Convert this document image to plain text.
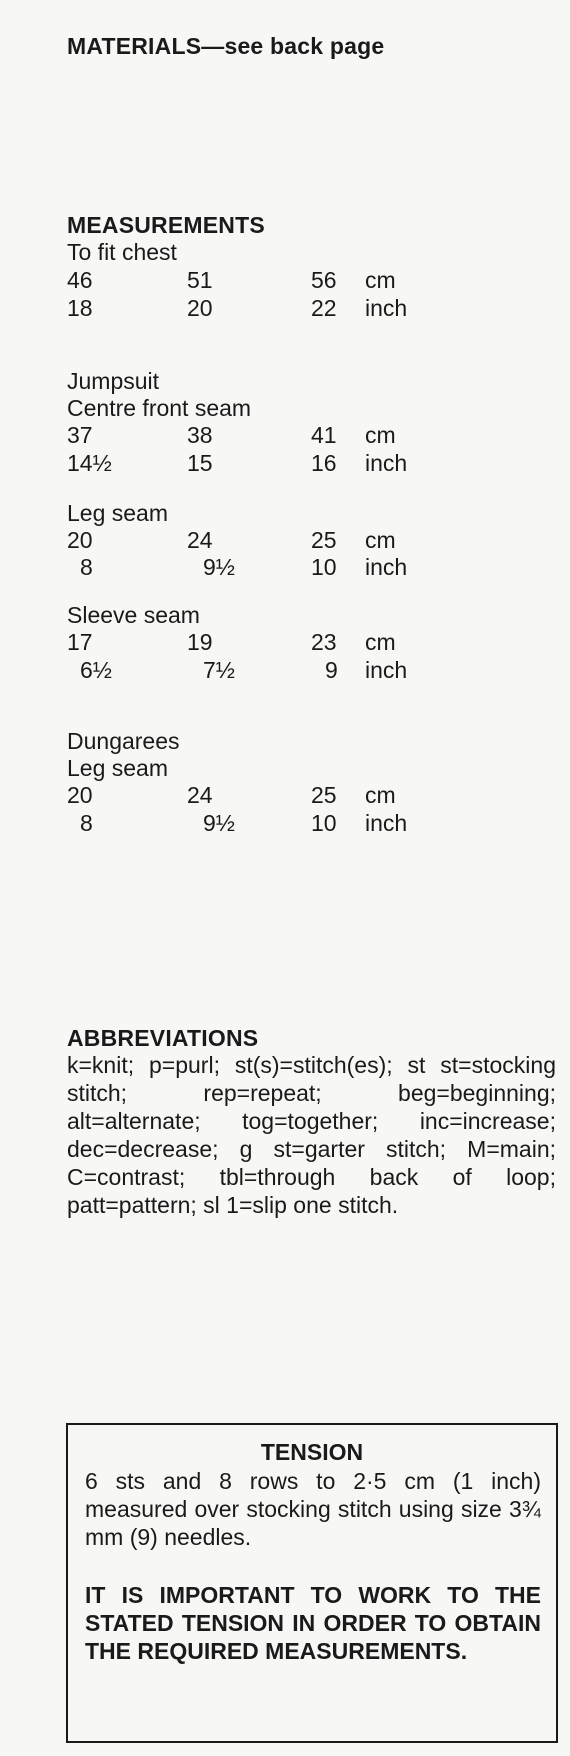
MATERIALS—see back page
MEASUREMENTS
To fit chest
46	51	56 cm
18	20	22 inch
Jumpsuit
Centre front seam
37	38	41 cm
14½	15	16 inch
Leg seam
20	24	25 cm
8	9½	10 inch
Sleeve seam
17	19	23 cm
6½	7½	9 inch
Dungarees
Leg seam
20	24	25 cm
8	9½	10 inch
ABBREVIATIONS
k=knit; p=purl; st(s)=stitch(es); st st=stocking stitch; rep=repeat; beg=beginning; alt=alternate; tog=together; inc=increase; dec=decrease; g st=garter stitch; M=main; C=contrast; tbl=through back of loop; patt=pattern; sl 1=slip one stitch.
TENSION
6 sts and 8 rows to 2·5 cm (1 inch) measured over stocking stitch using size 3¾ mm (9) needles.
IT IS IMPORTANT TO WORK TO THE STATED TENSION IN ORDER TO OBTAIN THE REQUIRED MEASUREMENTS.
